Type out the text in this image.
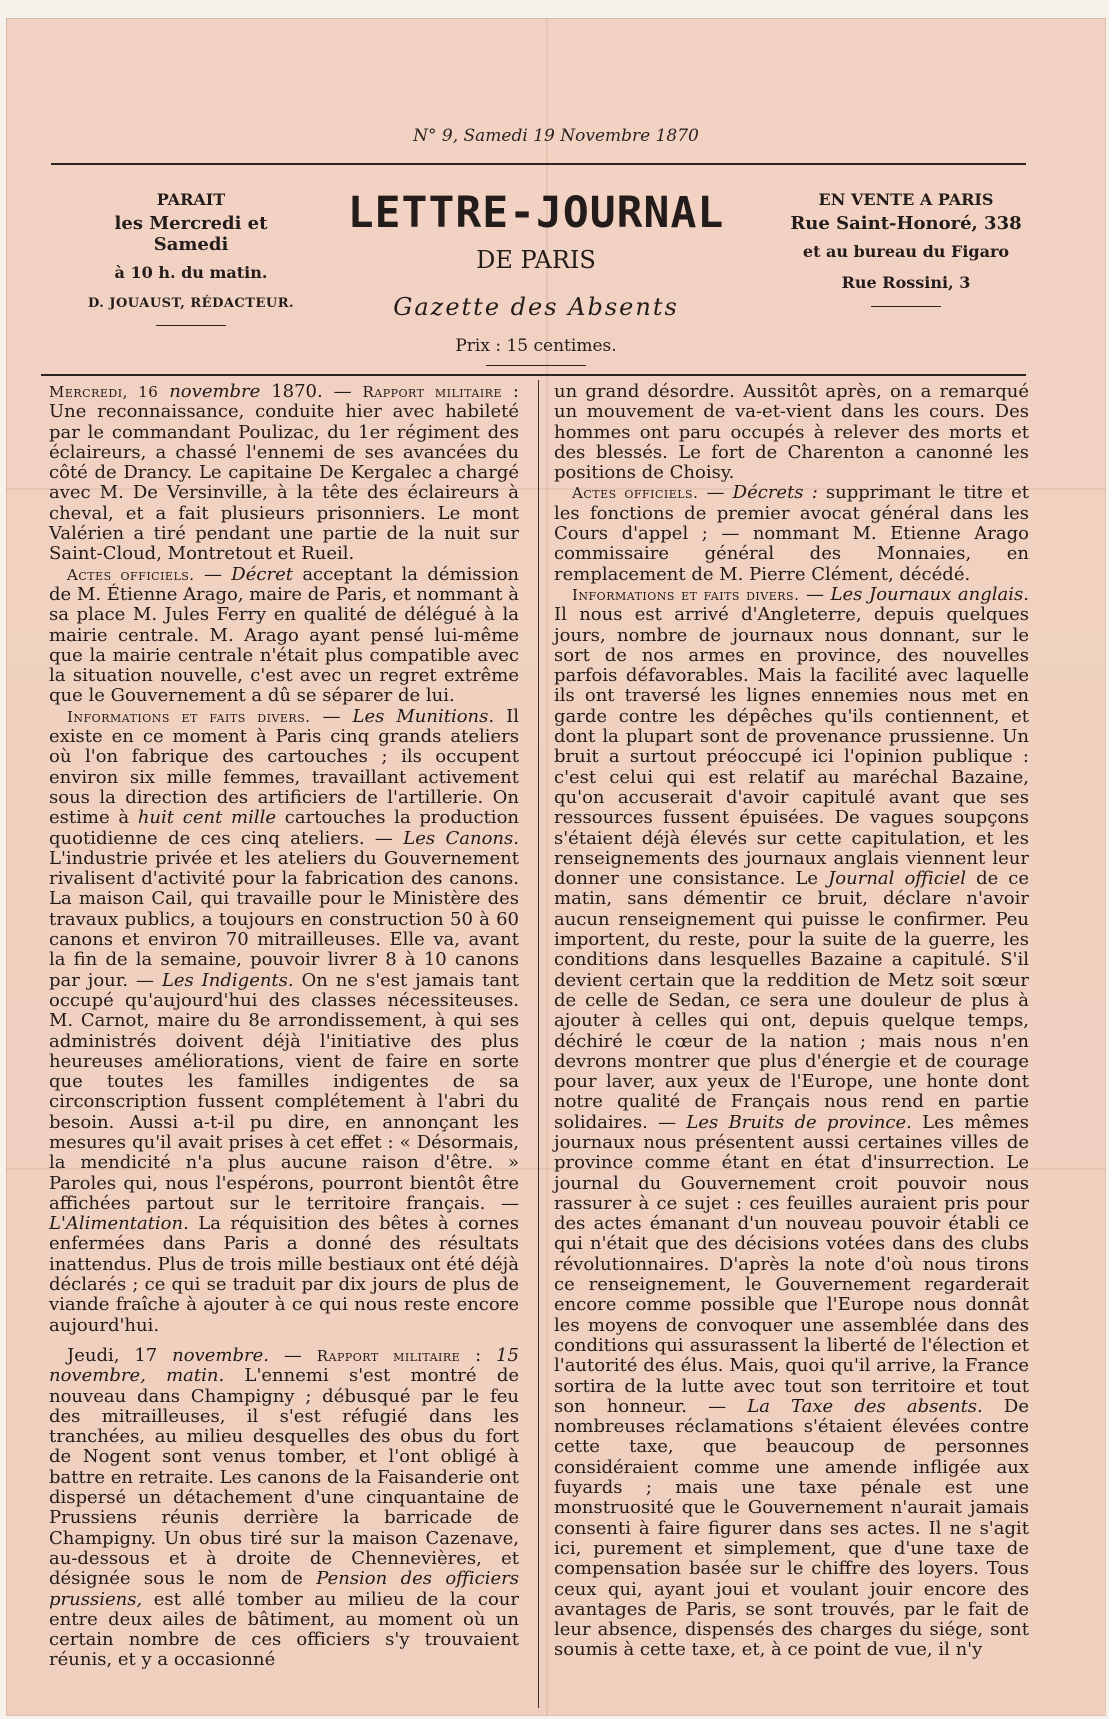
N° 9, Samedi 19 Novembre 1870
PARAIT
les Mercredi et Samedi
à 10 h. du matin.
D. JOUAUST, RÉDACTEUR.
LETTRE-JOURNAL
DE PARIS
Gazette des Absents
Prix : 15 centimes.
EN VENTE A PARIS
Rue Saint-Honoré, 338
et au bureau du Figaro
Rue Rossini, 3

Mercredi, 16 novembre 1870. — Rapport militaire : Une reconnaissance, conduite hier avec habileté par le commandant Poulizac, du 1er régiment des éclaireurs, a chassé l'ennemi de ses avancées du côté de Drancy. Le capitaine De Kergalec a chargé avec M. De Versinville, à la tête des éclaireurs à cheval, et a fait plusieurs prisonniers. Le mont Valérien a tiré pendant une partie de la nuit sur Saint-Cloud, Montretout et Rueil.

Actes officiels. — Décret acceptant la démission de M. Étienne Arago, maire de Paris, et nommant à sa place M. Jules Ferry en qualité de délégué à la mairie centrale. M. Arago ayant pensé lui-même que la mairie centrale n'était plus compatible avec la situation nouvelle, c'est avec un regret extrême que le Gouvernement a dû se séparer de lui.

Informations et faits divers. — Les Munitions. Il existe en ce moment à Paris cinq grands ateliers où l'on fabrique des cartouches ; ils occupent environ six mille femmes, travaillant activement sous la direction des artificiers de l'artillerie. On estime à huit cent mille cartouches la production quotidienne de ces cinq ateliers. — Les Canons. L'industrie privée et les ateliers du Gouvernement rivalisent d'activité pour la fabrication des canons. La maison Cail, qui travaille pour le Ministère des travaux publics, a toujours en construction 50 à 60 canons et environ 70 mitrailleuses. Elle va, avant la fin de la semaine, pouvoir livrer 8 à 10 canons par jour. — Les Indigents. On ne s'est jamais tant occupé qu'aujourd'hui des classes nécessiteuses. M. Carnot, maire du 8e arrondissement, à qui ses administrés doivent déjà l'initiative des plus heureuses améliorations, vient de faire en sorte que toutes les familles indigentes de sa circonscription fussent complétement à l'abri du besoin. Aussi a-t-il pu dire, en annonçant les mesures qu'il avait prises à cet effet : « Désormais, la mendicité n'a plus aucune raison d'être. » Paroles qui, nous l'espérons, pourront bientôt être affichées partout sur le territoire français. — L'Alimentation. La réquisition des bêtes à cornes enfermées dans Paris a donné des résultats inattendus. Plus de trois mille bestiaux ont été déjà déclarés ; ce qui se traduit par dix jours de plus de viande fraîche à ajouter à ce qui nous reste encore aujourd'hui.

Jeudi, 17 novembre. — Rapport militaire : 15 novembre, matin. L'ennemi s'est montré de nouveau dans Champigny ; débusqué par le feu des mitrailleuses, il s'est réfugié dans les tranchées, au milieu desquelles des obus du fort de Nogent sont venus tomber, et l'ont obligé à battre en retraite. Les canons de la Faisanderie ont dispersé un détachement d'une cinquantaine de Prussiens réunis derrière la barricade de Champigny. Un obus tiré sur la maison Cazenave, au-dessous et à droite de Chennevières, et désignée sous le nom de Pension des officiers prussiens, est allé tomber au milieu de la cour entre deux ailes de bâtiment, au moment où un certain nombre de ces officiers s'y trouvaient réunis, et y a occasionné

un grand désordre. Aussitôt après, on a remarqué un mouvement de va-et-vient dans les cours. Des hommes ont paru occupés à relever des morts et des blessés. Le fort de Charenton a canonné les positions de Choisy.

Actes officiels. — Décrets : supprimant le titre et les fonctions de premier avocat général dans les Cours d'appel ; — nommant M. Etienne Arago commissaire général des Monnaies, en remplacement de M. Pierre Clément, décédé.

Informations et faits divers. — Les Journaux anglais. Il nous est arrivé d'Angleterre, depuis quelques jours, nombre de journaux nous donnant, sur le sort de nos armes en province, des nouvelles parfois défavorables. Mais la facilité avec laquelle ils ont traversé les lignes ennemies nous met en garde contre les dépêches qu'ils contiennent, et dont la plupart sont de provenance prussienne. Un bruit a surtout préoccupé ici l'opinion publique : c'est celui qui est relatif au maréchal Bazaine, qu'on accuserait d'avoir capitulé avant que ses ressources fussent épuisées. De vagues soupçons s'étaient déjà élevés sur cette capitulation, et les renseignements des journaux anglais viennent leur donner une consistance. Le Journal officiel de ce matin, sans démentir ce bruit, déclare n'avoir aucun renseignement qui puisse le confirmer. Peu importent, du reste, pour la suite de la guerre, les conditions dans lesquelles Bazaine a capitulé. S'il devient certain que la reddition de Metz soit sœur de celle de Sedan, ce sera une douleur de plus à ajouter à celles qui ont, depuis quelque temps, déchiré le cœur de la nation ; mais nous n'en devrons montrer que plus d'énergie et de courage pour laver, aux yeux de l'Europe, une honte dont notre qualité de Français nous rend en partie solidaires. — Les Bruits de province. Les mêmes journaux nous présentent aussi certaines villes de province comme étant en état d'insurrection. Le journal du Gouvernement croit pouvoir nous rassurer à ce sujet : ces feuilles auraient pris pour des actes émanant d'un nouveau pouvoir établi ce qui n'était que des décisions votées dans des clubs révolutionnaires. D'après la note d'où nous tirons ce renseignement, le Gouvernement regarderait encore comme possible que l'Europe nous donnât les moyens de convoquer une assemblée dans des conditions qui assurassent la liberté de l'élection et l'autorité des élus. Mais, quoi qu'il arrive, la France sortira de la lutte avec tout son territoire et tout son honneur. — La Taxe des absents. De nombreuses réclamations s'étaient élevées contre cette taxe, que beaucoup de personnes considéraient comme une amende infligée aux fuyards ; mais une taxe pénale est une monstruosité que le Gouvernement n'aurait jamais consenti à faire figurer dans ses actes. Il ne s'agit ici, purement et simplement, que d'une taxe de compensation basée sur le chiffre des loyers. Tous ceux qui, ayant joui et voulant jouir encore des avantages de Paris, se sont trouvés, par le fait de leur absence, dispensés des charges du siége, sont soumis à cette taxe, et, à ce point de vue, il n'y
